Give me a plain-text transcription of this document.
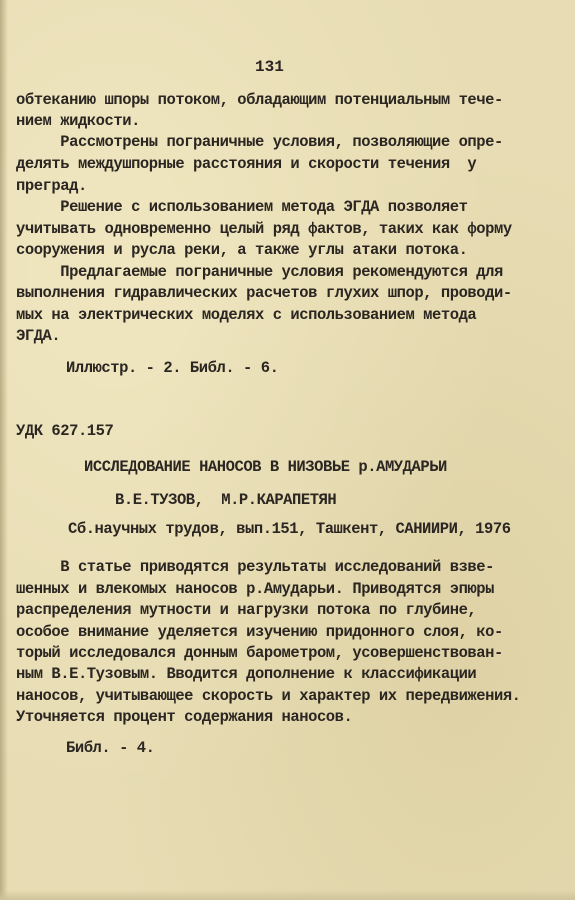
131
обтеканию шпоры потоком, обладающим потенциальным тече-
нием жидкости.
Рассмотрены пограничные условия, позволяющие опре-
делять междушпорные расстояния и скорости течения  у
преград.
Решение с использованием метода ЭГДА позволяет
учитывать одновременно целый ряд фактов, таких как форму
сооружения и русла реки, а также углы атаки потока.
Предлагаемые пограничные условия рекомендуются для
выполнения гидравлических расчетов глухих шпор, проводи-
мых на электрических моделях с использованием метода
ЭГДА.
Иллюстр. - 2. Библ. - 6.
УДК 627.157
ИССЛЕДОВАНИЕ НАНОСОВ В НИЗОВЬЕ р.АМУДАРЬИ
В.Е.ТУЗОВ,  М.Р.КАРАПЕТЯН
Сб.научных трудов, вып.151, Ташкент, САНИИРИ, 1976
В статье приводятся результаты исследований взве-
шенных и влекомых наносов р.Амударьи. Приводятся эпюры
распределения мутности и нагрузки потока по глубине,
особое внимание уделяется изучению придонного слоя, ко-
торый исследовался донным барометром, усовершенствован-
ным В.Е.Тузовым. Вводится дополнение к классификации
наносов, учитывающее скорость и характер их передвижения.
Уточняется процент содержания наносов.
Библ. - 4.
